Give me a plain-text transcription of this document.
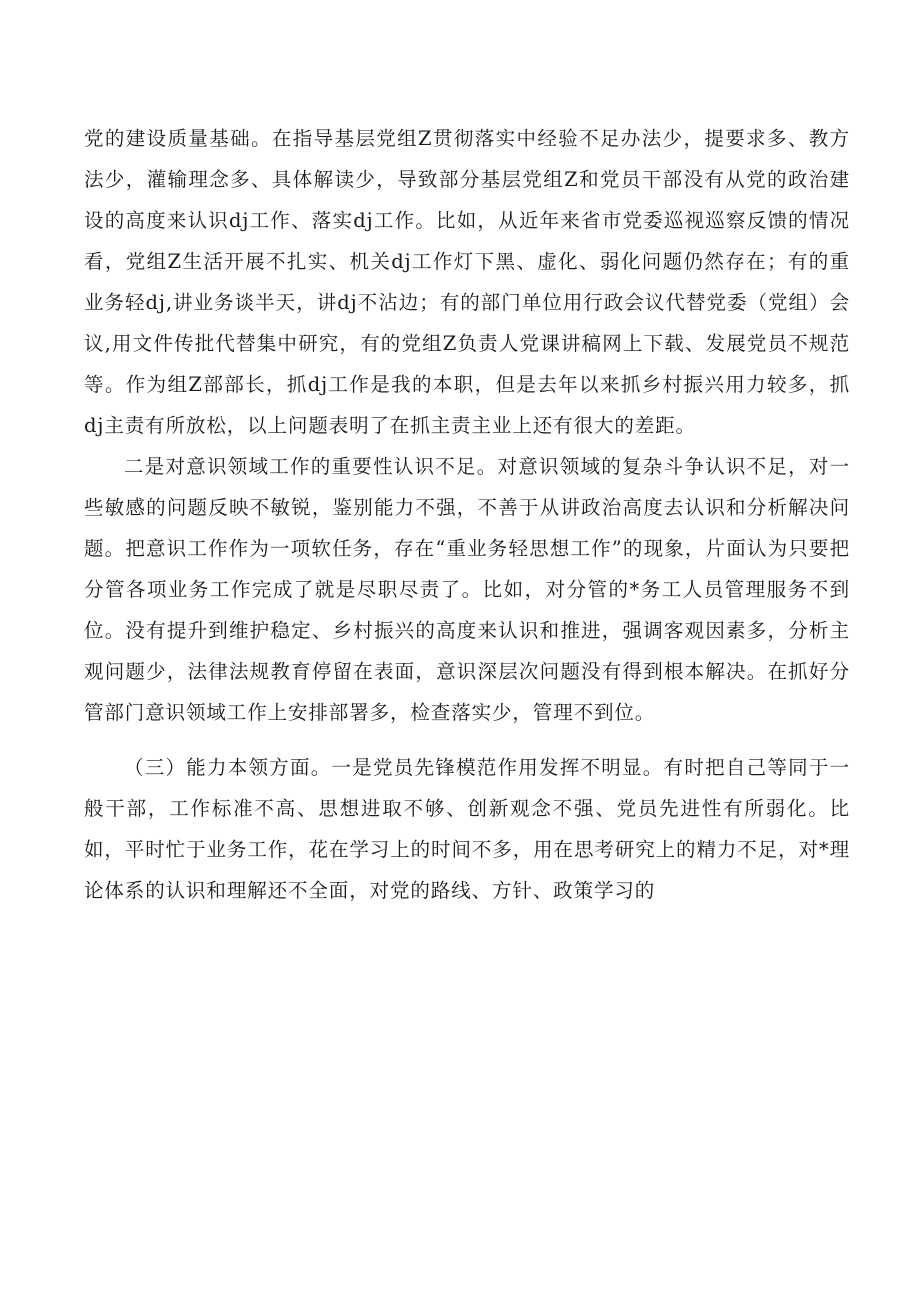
党的建设质量基础。在指导基层党组Z贯彻落实中经验不足办法少，提要求多、教方法少，灌输理念多、具体解读少，导致部分基层党组Z和党员干部没有从党的政治建设的高度来认识dj工作、落实dj工作。比如，从近年来省市党委巡视巡察反馈的情况看，党组Z生活开展不扎实、机关dj工作灯下黑、虚化、弱化问题仍然存在；有的重业务轻dj,讲业务谈半天，讲dj不沾边；有的部门单位用行政会议代替党委（党组）会议,用文件传批代替集中研究，有的党组Z负责人党课讲稿网上下载、发展党员不规范等。作为组Z部部长，抓dj工作是我的本职，但是去年以来抓乡村振兴用力较多，抓dj主责有所放松，以上问题表明了在抓主责主业上还有很大的差距。

二是对意识领域工作的重要性认识不足。对意识领域的复杂斗争认识不足，对一些敏感的问题反映不敏锐，鉴别能力不强，不善于从讲政治高度去认识和分析解决问题。把意识工作作为一项软任务，存在“重业务轻思想工作”的现象，片面认为只要把分管各项业务工作完成了就是尽职尽责了。比如，对分管的*务工人员管理服务不到位。没有提升到维护稳定、乡村振兴的高度来认识和推进，强调客观因素多，分析主观问题少，法律法规教育停留在表面，意识深层次问题没有得到根本解决。在抓好分管部门意识领域工作上安排部署多，检查落实少，管理不到位。

（三）能力本领方面。一是党员先锋模范作用发挥不明显。有时把自己等同于一般干部，工作标准不高、思想进取不够、创新观念不强、党员先进性有所弱化。比如，平时忙于业务工作，花在学习上的时间不多，用在思考研究上的精力不足，对*理论体系的认识和理解还不全面，对党的路线、方针、政策学习的
